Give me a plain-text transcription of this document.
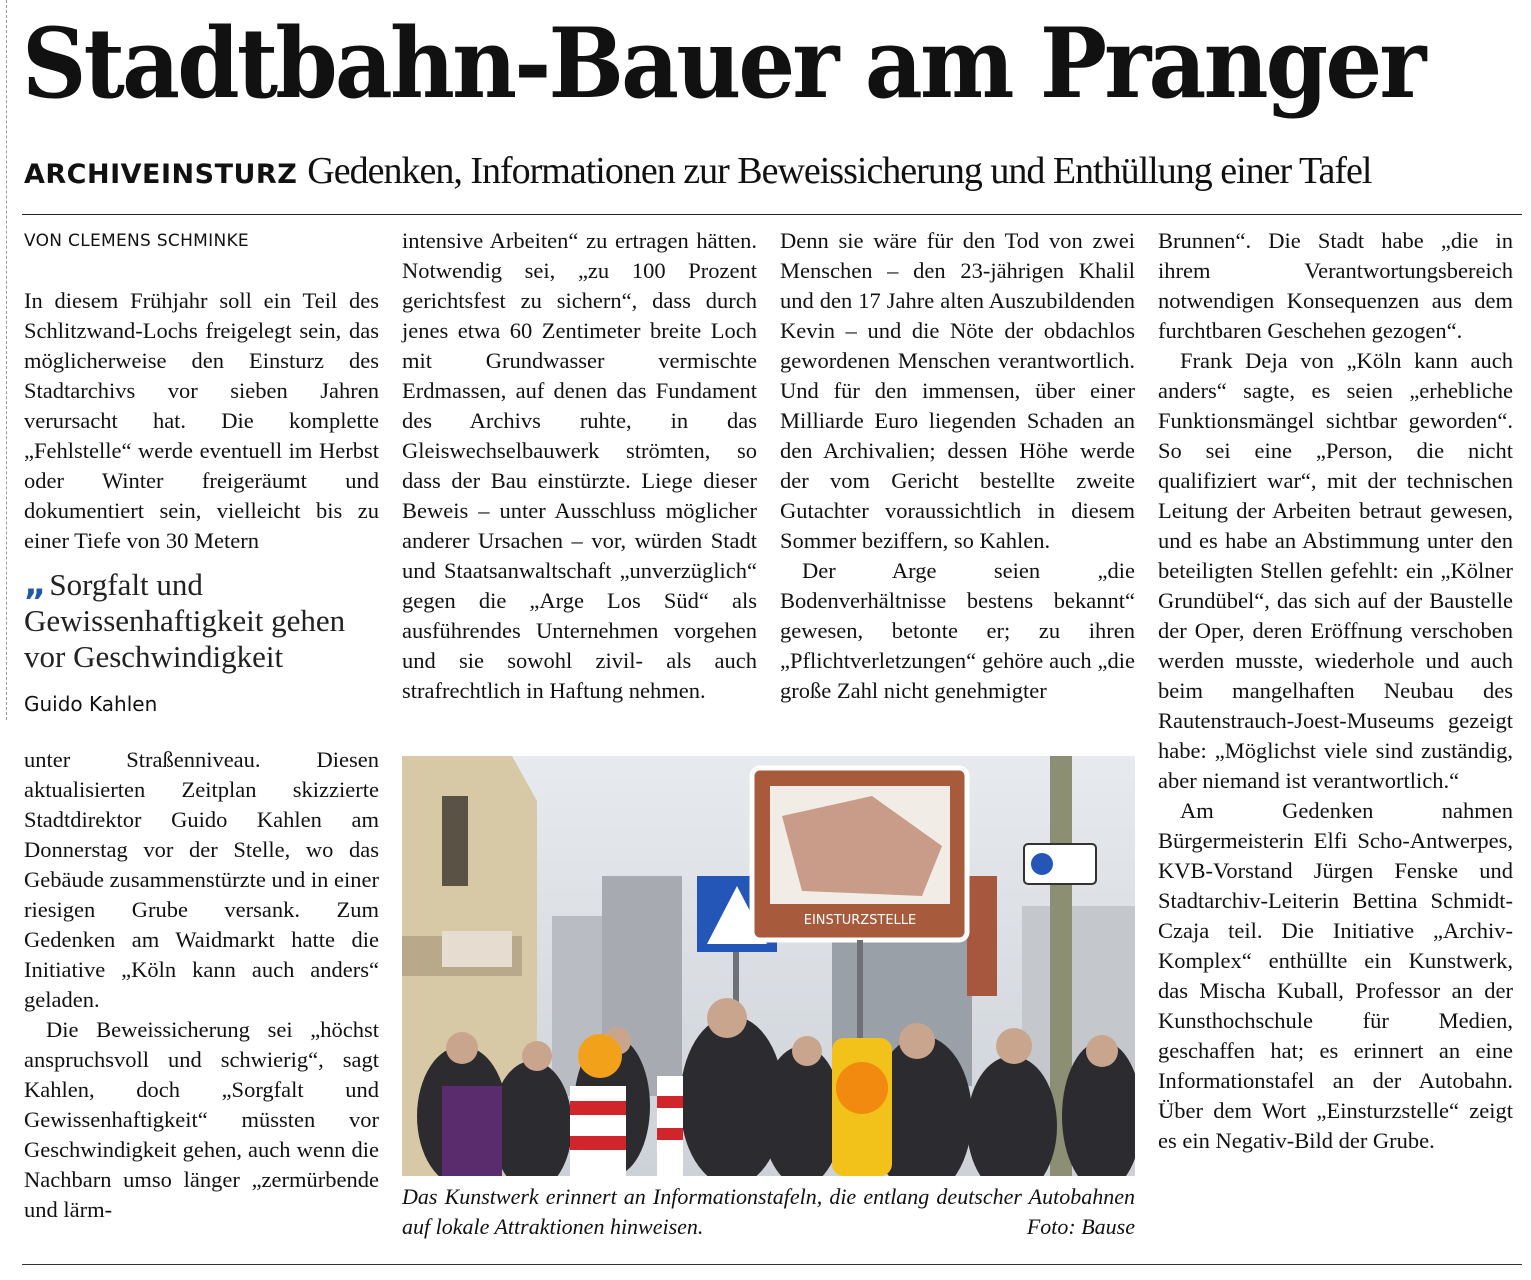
Stadtbahn-Bauer am Pranger
ARCHIVEINSTURZ Gedenken, Informationen zur Beweissicherung und Enthüllung einer Tafel
VON CLEMENS SCHMINKE

In diesem Frühjahr soll ein Teil des Schlitzwand-Lochs freigelegt sein, das möglicherweise den Einsturz des Stadtarchivs vor sieben Jahren verursacht hat. Die komplette „Fehlstelle“ werde eventuell im Herbst oder Winter freigeräumt und dokumentiert sein, vielleicht bis zu einer Tiefe von 30 Metern

„ Sorgfalt und Gewissenhaftigkeit gehen vor Geschwindigkeit
Guido Kahlen

unter Straßenniveau. Diesen aktualisierten Zeitplan skizzierte Stadtdirektor Guido Kahlen am Donnerstag vor der Stelle, wo das Gebäude zusammenstürzte und in einer riesigen Grube versank. Zum Gedenken am Waidmarkt hatte die Initiative „Köln kann auch anders“ geladen.

Die Beweissicherung sei „höchst anspruchsvoll und schwierig“, sagt Kahlen, doch „Sorgfalt und Gewissenhaftigkeit“ müssten vor Geschwindigkeit gehen, auch wenn die Nachbarn umso länger „zermürbende und lärm-

intensive Arbeiten“ zu ertragen hätten. Notwendig sei, „zu 100 Prozent gerichtsfest zu sichern“, dass durch jenes etwa 60 Zentimeter breite Loch mit Grundwasser vermischte Erdmassen, auf denen das Fundament des Archivs ruhte, in das Gleiswechselbauwerk strömten, so dass der Bau einstürzte. Liege dieser Beweis – unter Ausschluss möglicher anderer Ursachen – vor, würden Stadt und Staatsanwaltschaft „unverzüglich“ gegen die „Arge Los Süd“ als ausführendes Unternehmen vorgehen und sie sowohl zivil- als auch strafrechtlich in Haftung nehmen.

Denn sie wäre für den Tod von zwei Menschen – den 23-jährigen Khalil und den 17 Jahre alten Auszubildenden Kevin – und die Nöte der obdachlos gewordenen Menschen verantwortlich. Und für den immensen, über einer Milliarde Euro liegenden Schaden an den Archivalien; dessen Höhe werde der vom Gericht bestellte zweite Gutachter voraussichtlich in diesem Sommer beziffern, so Kahlen.

Der Arge seien „die Bodenverhältnisse bestens bekannt“ gewesen, betonte er; zu ihren „Pflichtverletzungen“ gehöre auch „die große Zahl nicht genehmigter

Brunnen“. Die Stadt habe „die in ihrem Verantwortungsbereich notwendigen Konsequenzen aus dem furchtbaren Geschehen gezogen“.

Frank Deja von „Köln kann auch anders“ sagte, es seien „erhebliche Funktionsmängel sichtbar geworden“. So sei eine „Person, die nicht qualifiziert war“, mit der technischen Leitung der Arbeiten betraut gewesen, und es habe an Abstimmung unter den beteiligten Stellen gefehlt: ein „Kölner Grundübel“, das sich auf der Baustelle der Oper, deren Eröffnung verschoben werden musste, wiederhole und auch beim mangelhaften Neubau des Rautenstrauch-Joest-Museums gezeigt habe: „Möglichst viele sind zuständig, aber niemand ist verantwortlich.“

Am Gedenken nahmen Bürgermeisterin Elfi Scho-Antwerpes, KVB-Vorstand Jürgen Fenske und Stadtarchiv-Leiterin Bettina Schmidt-Czaja teil. Die Initiative „Archiv-Komplex“ enthüllte ein Kunstwerk, das Mischa Kuball, Professor an der Kunsthochschule für Medien, geschaffen hat; es erinnert an eine Informationstafel an der Autobahn. Über dem Wort „Einsturzstelle“ zeigt es ein Negativ-Bild der Grube.

EINSTURZSTELLE
Das Kunstwerk erinnert an Informationstafeln, die entlang deutscher Autobahnen auf lokale Attraktionen hinweisen.	Foto: Bause
